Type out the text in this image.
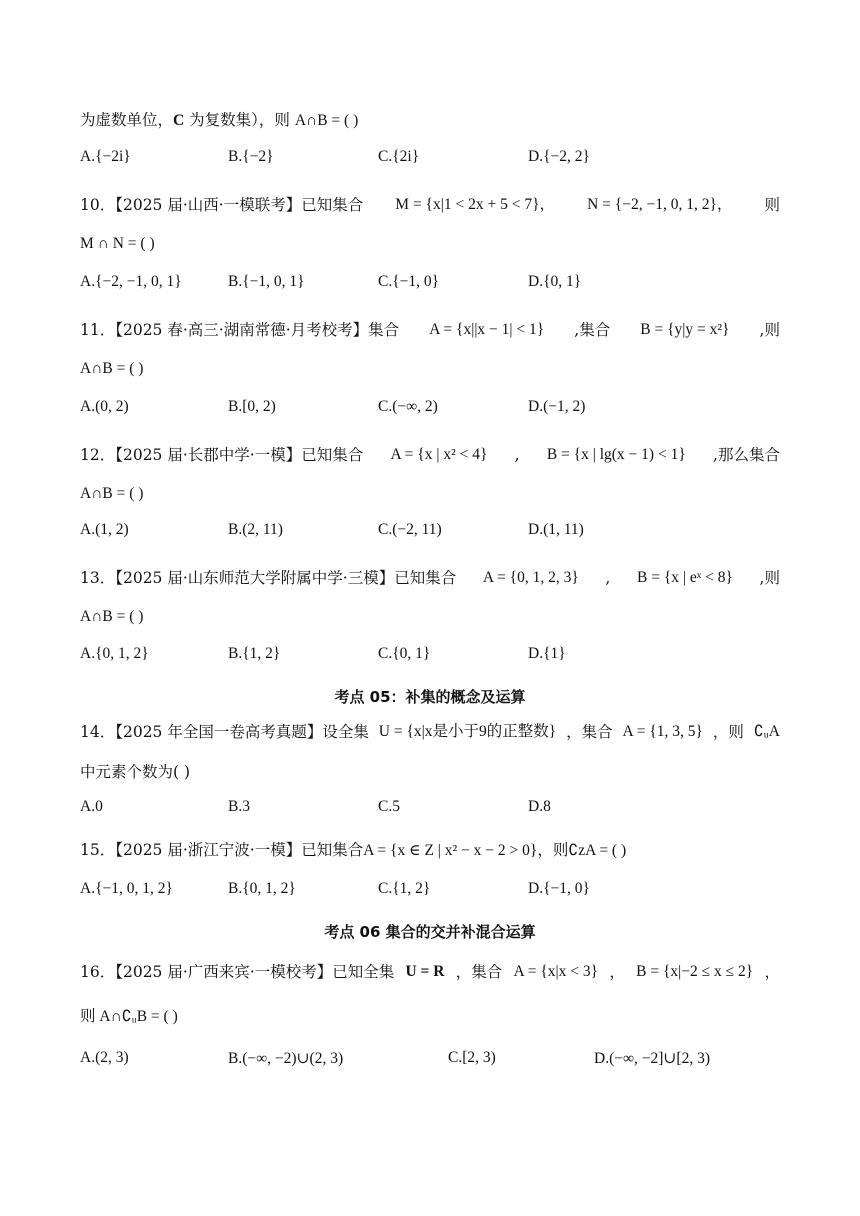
为虚数单位，C 为复数集），则 A∩B = ( )
A.{−2i}	B.{−2}	C.{2i}	D.{−2, 2}
10．【2025 届·山西·一模联考】已知集合 M = {x|1 < 2x + 5 < 7}， N = {−2, −1, 0, 1, 2}， 则
M ∩ N = ( )
A.{−2, −1, 0, 1}	B.{−1, 0, 1}	C.{−1, 0}	D.{0, 1}
11．【2025 春·高三·湖南常德·月考校考】集合 A = {x||x − 1| < 1} ,集合 B = {y|y = x²} ,则
A∩B = ( )
A.(0, 2)	B.[0, 2)	C.(−∞, 2)	D.(−1, 2)
12．【2025 届·长郡中学·一模】已知集合 A = {x | x² < 4} , B = {x | lg(x − 1) < 1} ,那么集合
A∩B = ( )
A.(1, 2)	B.(2, 11)	C.(−2, 11)	D.(1, 11)
13．【2025 届·山东师范大学附属中学·三模】已知集合 A = {0, 1, 2, 3} , B = {x | eˣ < 8} ,则
A∩B = ( )
A.{0, 1, 2}	B.{1, 2}	C.{0, 1}	D.{1}
考点 05：补集的概念及运算
14．【2025 年全国一卷高考真题】设全集 U = {x|x是小于9的正整数} ，集合 A = {1, 3, 5} ，则 ∁ᵤA
中元素个数为( )
A.0	B.3	C.5	D.8
15．【2025 届·浙江宁波·一模】已知集合A = {x ∈ Z | x² − x − 2 > 0}，则∁ᴢA = ( )
A.{−1, 0, 1, 2}	B.{0, 1, 2}	C.{1, 2}	D.{−1, 0}
考点 06 集合的交并补混合运算
16．【2025 届·广西来宾·一模校考】已知全集 U = R ，集合 A = {x|x < 3} ， B = {x|−2 ≤ x ≤ 2} ，
则 A∩∁ᵤB = ( )
A.(2, 3)	B.(−∞, −2)∪(2, 3)	C.[2, 3)	D.(−∞, −2]∪[2, 3)
